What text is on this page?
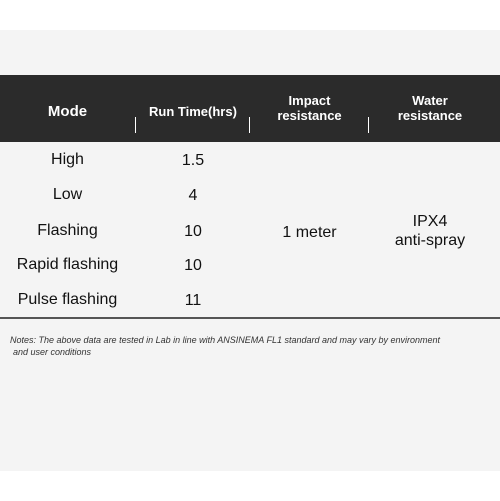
Mode	Run Time(hrs)
Impact
resistance
Water
resistance
High
Low
Flashing
Rapid flashing
Pulse flashing
1.5
4
10
10
11
1 meter
IPX4
anti-spray
Notes: The above data are tested in Lab in line with ANSINEMA FL1 standard and may vary by environment
and user conditions
